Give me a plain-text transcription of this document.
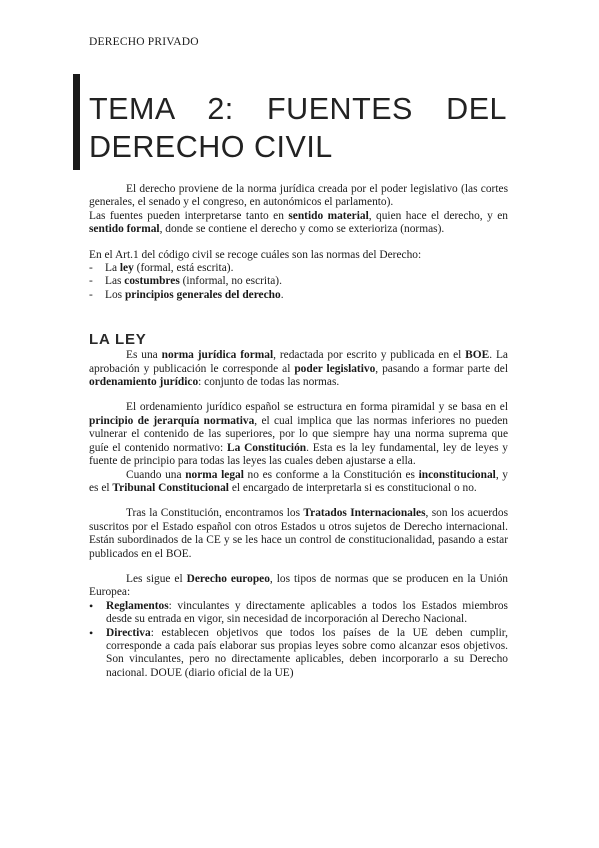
DERECHO PRIVADO
TEMA 2: FUENTES DEL
DERECHO CIVIL

El derecho proviene de la norma jurídica creada por el poder legislativo (las cortes generales, el senado y el congreso, en autonómicos el parlamento).

Las fuentes pueden interpretarse tanto en sentido material, quien hace el derecho, y en sentido formal, donde se contiene el derecho y como se exterioriza (normas).

En el Art.1 del código civil se recoge cuáles son las normas del Derecho:

- La ley (formal, está escrita).
- Las costumbres (informal, no escrita).
- Los principios generales del derecho.
LA LEY

Es una norma jurídica formal, redactada por escrito y publicada en el BOE. La aprobación y publicación le corresponde al poder legislativo, pasando a formar parte del ordenamiento jurídico: conjunto de todas las normas.

El ordenamiento jurídico español se estructura en forma piramidal y se basa en el principio de jerarquía normativa, el cual implica que las normas inferiores no pueden vulnerar el contenido de las superiores, por lo que siempre hay una norma suprema que guíe el contenido normativo: La Constitución. Esta es la ley fundamental, ley de leyes y fuente de principio para todas las leyes las cuales deben ajustarse a ella.

Cuando una norma legal no es conforme a la Constitución es inconstitucional, y es el Tribunal Constitucional el encargado de interpretarla si es constitucional o no.

Tras la Constitución, encontramos los Tratados Internacionales, son los acuerdos suscritos por el Estado español con otros Estados u otros sujetos de Derecho internacional. Están subordinados de la CE y se les hace un control de constitucionalidad, pasando a estar publicados en el BOE.

Les sigue el Derecho europeo, los tipos de normas que se producen en la Unión Europea:

• Reglamentos: vinculantes y directamente aplicables a todos los Estados miembros desde su entrada en vigor, sin necesidad de incorporación al Derecho Nacional.
• Directiva: establecen objetivos que todos los países de la UE deben cumplir, corresponde a cada país elaborar sus propias leyes sobre como alcanzar esos objetivos. Son vinculantes, pero no directamente aplicables, deben incorporarlo a su Derecho nacional. DOUE (diario oficial de la UE)
